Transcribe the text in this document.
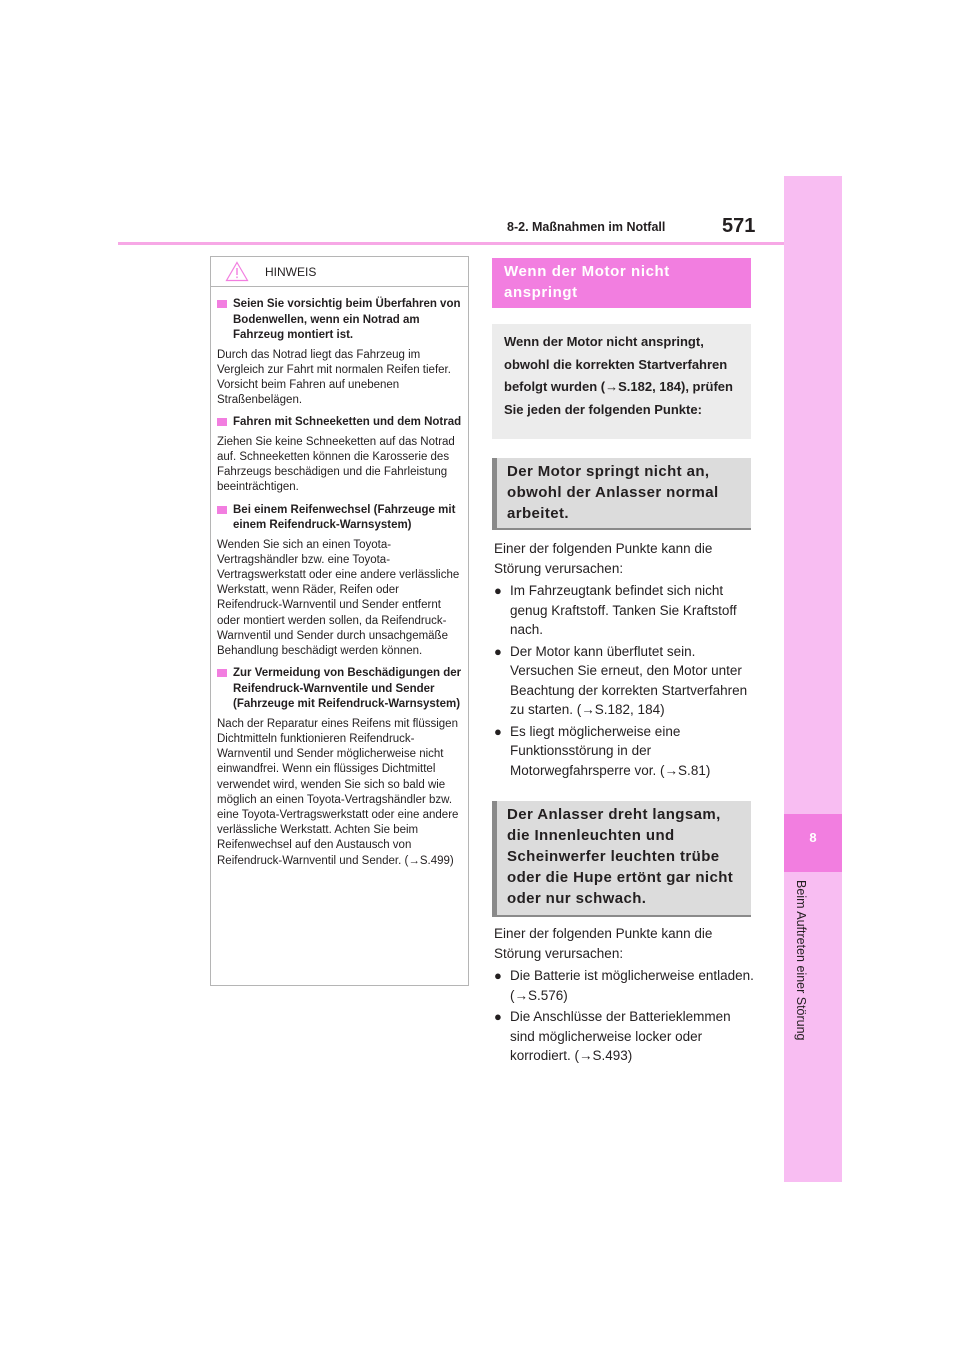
8-2. Maßnahmen im Notfall	571
8
Beim Auftreten einer Störung
HINWEIS
Seien Sie vorsichtig beim Überfahren von Bodenwellen, wenn ein Notrad am Fahrzeug montiert ist.
Durch das Notrad liegt das Fahrzeug im Vergleich zur Fahrt mit normalen Reifen tiefer. Vorsicht beim Fahren auf unebenen Straßenbelägen.
Fahren mit Schneeketten und dem Notrad
Ziehen Sie keine Schneeketten auf das Notrad auf. Schneeketten können die Karosserie des Fahrzeugs beschädigen und die Fahrleistung beeinträchtigen.
Bei einem Reifenwechsel (Fahrzeuge mit einem Reifendruck-Warnsystem)
Wenden Sie sich an einen Toyota-Vertragshändler bzw. eine Toyota-Vertragswerkstatt oder eine andere verlässliche Werkstatt, wenn Räder, Reifen oder Reifendruck-Warnventil und Sender entfernt oder montiert werden sollen, da Reifendruck-Warnventil und Sender durch unsachgemäße Behandlung beschädigt werden können.
Zur Vermeidung von Beschädigungen der Reifendruck-Warnventile und Sender (Fahrzeuge mit Reifendruck-Warnsystem)
Nach der Reparatur eines Reifens mit flüssigen Dichtmitteln funktionieren Reifendruck-Warnventil und Sender möglicherweise nicht einwandfrei. Wenn ein flüssiges Dichtmittel verwendet wird, wenden Sie sich so bald wie möglich an einen Toyota-Vertragshändler bzw. eine Toyota-Vertragswerkstatt oder eine andere verlässliche Werkstatt. Achten Sie beim Reifenwechsel auf den Austausch von Reifendruck-Warnventil und Sender. (→S.499)
Wenn der Motor nicht anspringt
Wenn der Motor nicht anspringt, obwohl die korrekten Startverfahren befolgt wurden (→S.182, 184), prüfen Sie jeden der folgenden Punkte:
Der Motor springt nicht an, obwohl der Anlasser normal arbeitet.
Einer der folgenden Punkte kann die Störung verursachen:
● Im Fahrzeugtank befindet sich nicht genug Kraftstoff. Tanken Sie Kraftstoff nach.
● Der Motor kann überflutet sein. Versuchen Sie erneut, den Motor unter Beachtung der korrekten Startverfahren zu starten. (→S.182, 184)
● Es liegt möglicherweise eine Funktionsstörung in der Motorwegfahrsperre vor. (→S.81)
Der Anlasser dreht langsam, die Innenleuchten und Scheinwerfer leuchten trübe oder die Hupe ertönt gar nicht oder nur schwach.
Einer der folgenden Punkte kann die Störung verursachen:
● Die Batterie ist möglicherweise entladen. (→S.576)
● Die Anschlüsse der Batterieklemmen sind möglicherweise locker oder korrodiert. (→S.493)
